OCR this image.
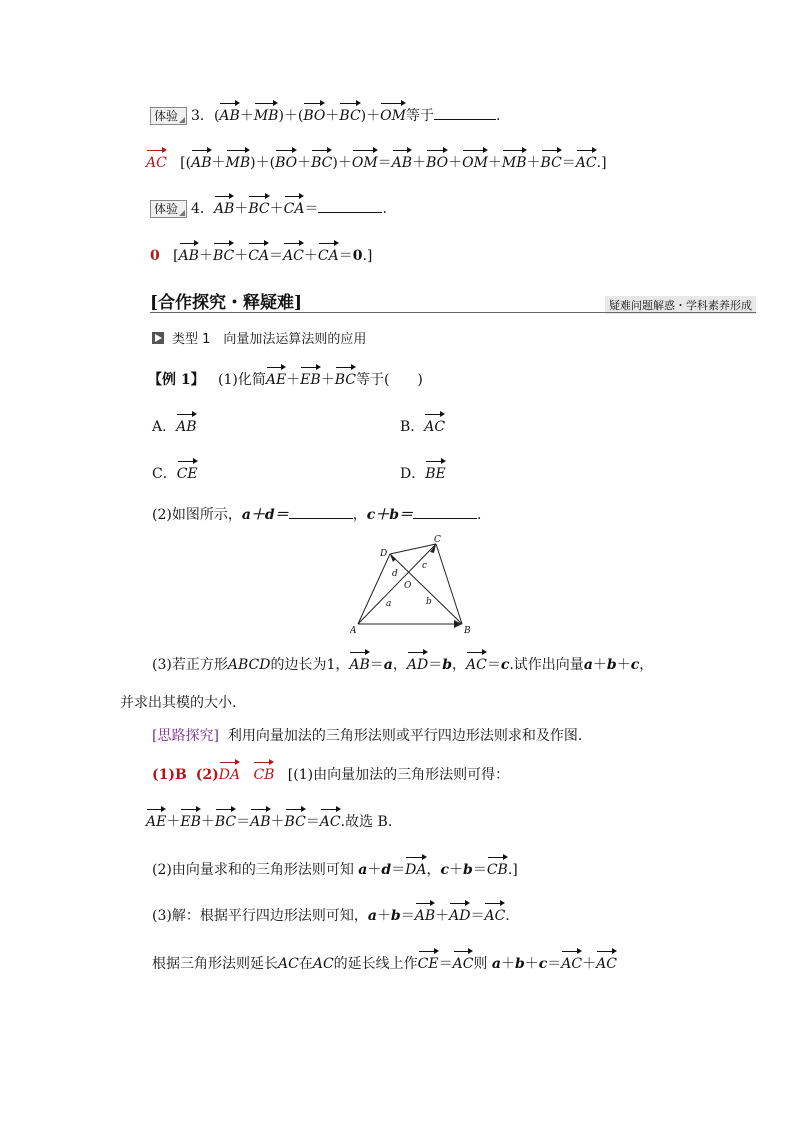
体验 3．(AB＋MB)＋(BO＋BC)＋OM等于	.
AC   [(AB＋MB)＋(BO＋BC)＋OM＝AB＋BO＋OM＋MB＋BC＝AC.]
体验 4．AB＋BC＋CA＝	.
0   [AB＋BC＋CA＝AC＋CA＝0.]
[合作探究・释疑难]	疑难问题解惑・学科素养形成
类型 1　向量加法运算法则的应用
【例 1】 (1)化简AE＋EB＋BC等于(　　)
A．AB	B．AC
C．CE	D．BE
(2)如图所示，a＋d＝	，c＋b＝	.
A	B
C
D
O
a	b
c
d
(3)若正方形ABCD的边长为1，AB＝a，AD＝b，AC＝c.试作出向量a＋b＋c，
并求出其模的大小.
[思路探究] 利用向量加法的三角形法则或平行四边形法则求和及作图.
(1)B (2)DA CB [(1)由向量加法的三角形法则可得：
AE＋EB＋BC＝AB＋BC＝AC.故选 B．
(2)由向量求和的三角形法则可知 a＋d＝DA，c＋b＝CB.]
(3)解：根据平行四边形法则可知，a＋b＝AB＋AD＝AC.
根据三角形法则延长AC在AC的延长线上作CE＝AC则 a＋b＋c＝AC＋AC
